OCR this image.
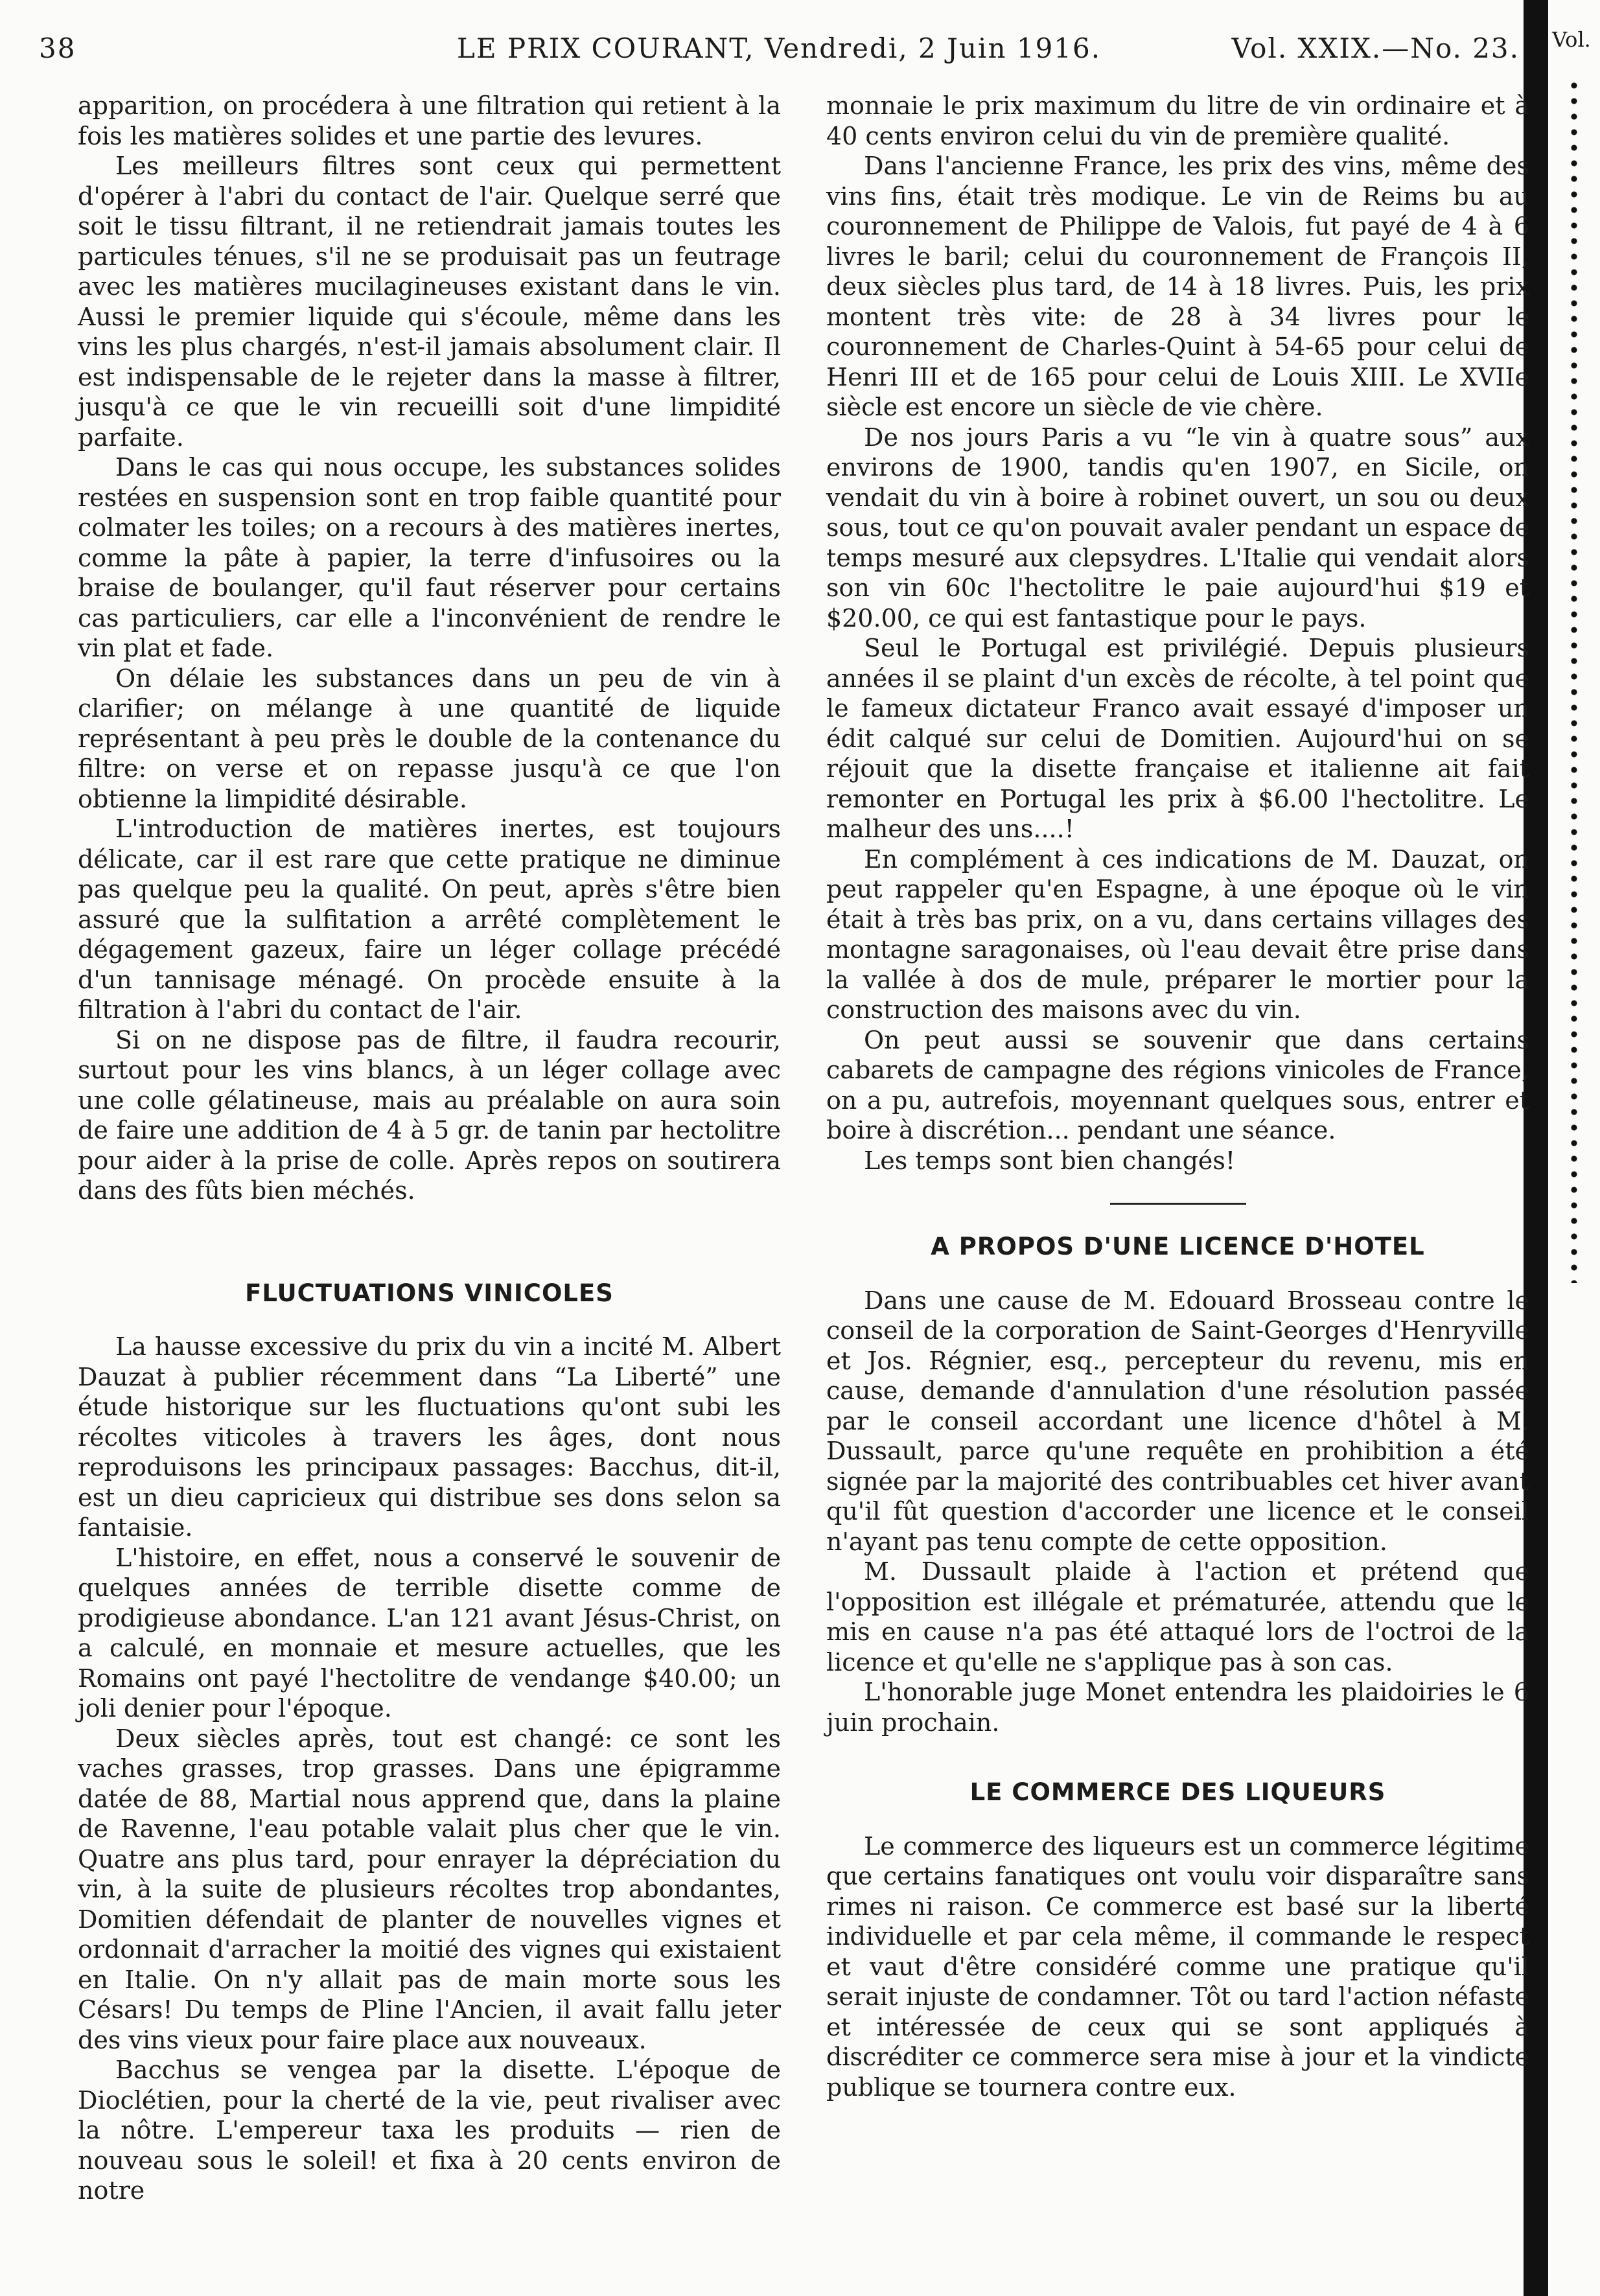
38	LE PRIX COURANT, Vendredi, 2 Juin 1916.	Vol. XXIX.—No. 23. Vol.

apparition, on procédera à une filtration qui retient à la fois les matières solides et une partie des levures.

Les meilleurs filtres sont ceux qui permettent d'opérer à l'abri du contact de l'air. Quelque serré que soit le tissu filtrant, il ne retiendrait jamais toutes les particules ténues, s'il ne se produisait pas un feutrage avec les matières mucilagineuses existant dans le vin. Aussi le premier liquide qui s'écoule, même dans les vins les plus chargés, n'est-il jamais absolument clair. Il est indispensable de le rejeter dans la masse à filtrer, jusqu'à ce que le vin recueilli soit d'une limpidité parfaite.

Dans le cas qui nous occupe, les substances solides restées en suspension sont en trop faible quantité pour colmater les toiles; on a recours à des matières inertes, comme la pâte à papier, la terre d'infusoires ou la braise de boulanger, qu'il faut réserver pour certains cas particuliers, car elle a l'inconvénient de rendre le vin plat et fade.

On délaie les substances dans un peu de vin à clarifier; on mélange à une quantité de liquide représentant à peu près le double de la contenance du filtre: on verse et on repasse jusqu'à ce que l'on obtienne la limpidité désirable.

L'introduction de matières inertes, est toujours délicate, car il est rare que cette pratique ne diminue pas quelque peu la qualité. On peut, après s'être bien assuré que la sulfitation a arrêté complètement le dégagement gazeux, faire un léger collage précédé d'un tannisage ménagé. On procède ensuite à la filtration à l'abri du contact de l'air.

Si on ne dispose pas de filtre, il faudra recourir, surtout pour les vins blancs, à un léger collage avec une colle gélatineuse, mais au préalable on aura soin de faire une addition de 4 à 5 gr. de tanin par hectolitre pour aider à la prise de colle. Après repos on soutirera dans des fûts bien méchés.

FLUCTUATIONS VINICOLES

La hausse excessive du prix du vin a incité M. Albert Dauzat à publier récemment dans “La Liberté” une étude historique sur les fluctuations qu'ont subi les récoltes viticoles à travers les âges, dont nous reproduisons les principaux passages: Bacchus, dit-il, est un dieu capricieux qui distribue ses dons selon sa fantaisie.

L'histoire, en effet, nous a conservé le souvenir de quelques années de terrible disette comme de prodigieuse abondance. L'an 121 avant Jésus-Christ, on a calculé, en monnaie et mesure actuelles, que les Romains ont payé l'hectolitre de vendange $40.00; un joli denier pour l'époque.

Deux siècles après, tout est changé: ce sont les vaches grasses, trop grasses. Dans une épigramme datée de 88, Martial nous apprend que, dans la plaine de Ravenne, l'eau potable valait plus cher que le vin. Quatre ans plus tard, pour enrayer la dépréciation du vin, à la suite de plusieurs récoltes trop abondantes, Domitien défendait de planter de nouvelles vignes et ordonnait d'arracher la moitié des vignes qui existaient en Italie. On n'y allait pas de main morte sous les Césars! Du temps de Pline l'Ancien, il avait fallu jeter des vins vieux pour faire place aux nouveaux.

Bacchus se vengea par la disette. L'époque de Dioclétien, pour la cherté de la vie, peut rivaliser avec la nôtre. L'empereur taxa les produits — rien de nouveau sous le soleil! et fixa à 20 cents environ de notre

monnaie le prix maximum du litre de vin ordinaire et à 40 cents environ celui du vin de première qualité.

Dans l'ancienne France, les prix des vins, même des vins fins, était très modique. Le vin de Reims bu au couronnement de Philippe de Valois, fut payé de 4 à 6 livres le baril; celui du couronnement de François II, deux siècles plus tard, de 14 à 18 livres. Puis, les prix montent très vite: de 28 à 34 livres pour le couronnement de Charles-Quint à 54-65 pour celui de Henri III et de 165 pour celui de Louis XIII. Le XVIIe siècle est encore un siècle de vie chère.

De nos jours Paris a vu “le vin à quatre sous” aux environs de 1900, tandis qu'en 1907, en Sicile, on vendait du vin à boire à robinet ouvert, un sou ou deux sous, tout ce qu'on pouvait avaler pendant un espace de temps mesuré aux clepsydres. L'Italie qui vendait alors son vin 60c l'hectolitre le paie aujourd'hui $19 et $20.00, ce qui est fantastique pour le pays.

Seul le Portugal est privilégié. Depuis plusieurs années il se plaint d'un excès de récolte, à tel point que le fameux dictateur Franco avait essayé d'imposer un édit calqué sur celui de Domitien. Aujourd'hui on se réjouit que la disette française et italienne ait fait remonter en Portugal les prix à $6.00 l'hectolitre. Le malheur des uns....!

En complément à ces indications de M. Dauzat, on peut rappeler qu'en Espagne, à une époque où le vin était à très bas prix, on a vu, dans certains villages des montagne saragonaises, où l'eau devait être prise dans la vallée à dos de mule, préparer le mortier pour la construction des maisons avec du vin.

On peut aussi se souvenir que dans certains cabarets de campagne des régions vinicoles de France, on a pu, autrefois, moyennant quelques sous, entrer et boire à discrétion... pendant une séance.

Les temps sont bien changés!

A PROPOS D'UNE LICENCE D'HOTEL

Dans une cause de M. Edouard Brosseau contre le conseil de la corporation de Saint-Georges d'Henryville et Jos. Régnier, esq., percepteur du revenu, mis en cause, demande d'annulation d'une résolution passée par le conseil accordant une licence d'hôtel à M. Dussault, parce qu'une requête en prohibition a été signée par la majorité des contribuables cet hiver avant qu'il fût question d'accorder une licence et le conseil n'ayant pas tenu compte de cette opposition.

M. Dussault plaide à l'action et prétend que l'opposition est illégale et prématurée, attendu que le mis en cause n'a pas été attaqué lors de l'octroi de la licence et qu'elle ne s'applique pas à son cas.

L'honorable juge Monet entendra les plaidoiries le 6 juin prochain.

LE COMMERCE DES LIQUEURS

Le commerce des liqueurs est un commerce légitime que certains fanatiques ont voulu voir disparaître sans rimes ni raison. Ce commerce est basé sur la liberté individuelle et par cela même, il commande le respect et vaut d'être considéré comme une pratique qu'il serait injuste de condamner. Tôt ou tard l'action néfaste et intéressée de ceux qui se sont appliqués à discréditer ce commerce sera mise à jour et la vindicte publique se tournera contre eux.
